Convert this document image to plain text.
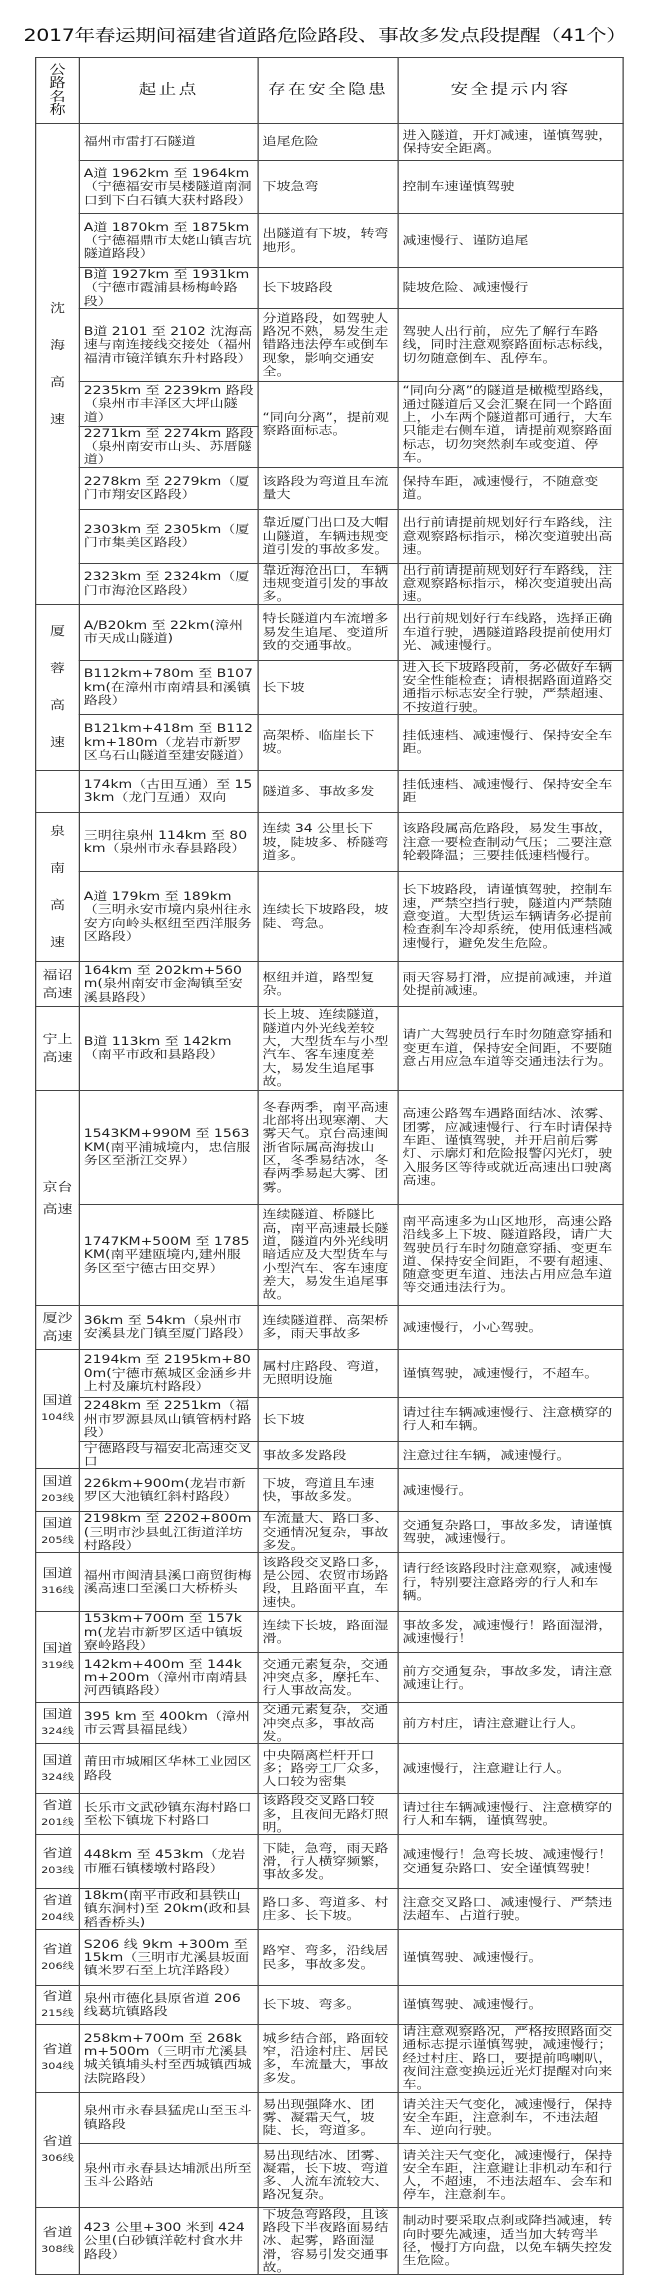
2017年春运期间福建省道路危险路段、事故多发点段提醒（41个）
公路名称	起止点	存在安全隐患	安全提示内容
沈海高速	福州市雷打石隧道	追尾危险	进入隧道，开灯减速，谨慎驾驶，保持安全距离。
	A道 1962km 至 1964km（宁德福安市吴楼隧道南洞口到下白石镇大获村路段）	下坡急弯	控制车速谨慎驾驶
	A道 1870km 至 1875km（宁德福鼎市太姥山镇吉坑隧道路段）	出隧道有下坡，转弯地形。	减速慢行、谨防追尾
	B道 1927km 至 1931km（宁德市霞浦县杨梅岭路段）	长下坡路段	陡坡危险、减速慢行
	B道 2101 至 2102 沈海高速与南连接线交接处（福州福清市镜洋镇东升村路段）	分道路段，如驾驶人路况不熟，易发生走错路违法停车或倒车现象，影响交通安全。	驾驶人出行前，应先了解行车路线，同时注意观察路面标志标线，切勿随意倒车、乱停车。
	2235km 至 2239km 路段（泉州市丰泽区大坪山隧道）	“同向分离”，提前观察路面标志。	“同向分离”的隧道是橄榄型路线，通过隧道后又会汇聚在同一个路面上，小车两个隧道都可通行，大车只能走右侧车道，请提前观察路面标志，切勿突然刹车或变道、停车。
	2271km 至 2274km 路段（泉州南安市山头、苏厝隧道）		
	2278km 至 2279km（厦门市翔安区路段）	该路段为弯道且车流量大	保持车距，减速慢行，不随意变道。
	2303km 至 2305km（厦门市集美区路段）	靠近厦门出口及大帽山隧道，车辆违规变道引发的事故多发。	出行前请提前规划好行车路线，注意观察路标指示，梯次变道驶出高速。
	2323km 至 2324km（厦门市海沧区路段）	靠近海沧出口，车辆违规变道引发的事故多。	出行前请提前规划好行车路线，注意观察路标指示，梯次变道驶出高速。
厦蓉高速	A/B20km 至 22km(漳州市天成山隧道)	特长隧道内车流增多易发生追尾、变道所致的交通事故。	出行前规划好行车线路，选择正确车道行驶，遇隧道路段提前使用灯光、减速慢行。
	B112km+780m 至 B107km(在漳州市南靖县和溪镇路段）	长下坡	进入长下坡路段前，务必做好车辆安全性能检查；请根据路面道路交通指示标志安全行驶，严禁超速、不按道行驶。
	B121km+418m 至 B112km+180m（龙岩市新罗区乌石山隧道至建安隧道）	高架桥、临崖长下坡。	挂低速档、减速慢行、保持安全车距。
	174km（古田互通）至 153km（龙门互通）双向	隧道多、事故多发	挂低速档、减速慢行、保持安全车距
泉南高速	三明往泉州 114km 至 80km（泉州市永春县路段）	连续 34 公里长下坡，陡坡多、桥隧弯道多。	该路段属高危路段，易发生事故，注意一要检查制动气压；二要注意轮毂降温；三要挂低速档慢行。
	A道 179km 至 189km（三明永安市境内泉州往永安方向岭头枢纽至西洋服务区路段）	连续长下坡路段，坡陡、弯急。	长下坡路段，请谨慎驾驶，控制车速，严禁空挡行驶，隧道内严禁随意变道。大型货运车辆请务必提前检查刹车冷却系统，使用低速档减速慢行，避免发生危险。
福诏高速	164km 至 202km+560m(泉州南安市金淘镇至安溪县路段）	枢纽并道，路型复杂。	雨天容易打滑，应提前减速，并道处提前减速。
宁上高速	B道 113km 至 142km（南平市政和县路段）	长上坡、连续隧道，隧道内外光线差较大，大型货车与小型汽车、客车速度差大，易发生追尾事故。	请广大驾驶员行车时勿随意穿插和变更车道，保持安全间距，不要随意占用应急车道等交通违法行为。
京台高速	1543KM+990M 至 1563KM(南平浦城境内，忠信服务区至浙江交界）	冬春两季，南平高速北部将出现寒潮、大雾天气。京台高速闽浙省际属高海拔山区，冬季易结冰，冬春两季易起大雾、团雾。	高速公路驾车遇路面结冰、浓雾、团雾，应减速慢行、行车时请保持车距、谨慎驾驶，并开启前后雾灯、示廓灯和危险报警闪光灯，驶入服务区等待或就近高速出口驶离高速。
	1747KM+500M 至 1785KM(南平建瓯境内,建州服务区至宁德古田交界）	连续隧道、桥隧比高，南平高速最长隧道，隧道内外光线明暗适应及大型货车与小型汽车、客车速度差大，易发生追尾事故。	南平高速多为山区地形，高速公路沿线多上下坡、隧道路段，请广大驾驶员行车时勿随意穿插、变更车道、保持安全间距，不要有超速、随意变更车道、违法占用应急车道等交通违法行为。
厦沙高速	36km 至 54km（泉州市安溪县龙门镇至厦门路段）	连续隧道群、高架桥多，雨天事故多	减速慢行，小心驾驶。
国道104线	2194km 至 2195km+800m(宁德市蕉城区金涵乡井上村及廉坑村路段）	属村庄路段、弯道，无照明设施	谨慎驾驶，减速慢行，不超车。
	2248km 至 2251km（福州市罗源县凤山镇管柄村路段）	长下坡	请过往车辆减速慢行、注意横穿的行人和车辆。
	宁德路段与福安北高速交叉口	事故多发路段	注意过往车辆，减速慢行。
国道203线	226km+900m(龙岩市新罗区大池镇红斜村路段）	下坡，弯道且车速快，事故多发。	减速慢行。
国道205线	2198km 至 2202+800m(三明市沙县虬江街道洋坊村路段）	车流量大、路口多、交通情况复杂，事故多发。	交通复杂路口，事故多发，请谨慎驾驶，减速慢行。
国道316线	福州市闽清县溪口商贸街梅溪高速口至溪口大桥桥头	该路段交叉路口多，是公园、农贸市场路段，且路面平直，车速快。	请行经该路段时注意观察，减速慢行，特别要注意路旁的行人和车辆。
国道319线	153km+700m 至 157km(龙岩市新罗区适中镇坂寮岭路段）	连续下长坡，路面湿滑。	事故多发，减速慢行！路面湿滑，减速慢行！
	142km+400m 至 144km+200m（漳州市南靖县河西镇路段）	交通元素复杂，交通冲突点多，摩托车、行人事故高发。	前方交通复杂，事故多发，请注意减速让行。
国道324线	395 km 至 400km（漳州市云霄县福昆线）	交通元素复杂，交通冲突点多，事故高发。	前方村庄，请注意避让行人。
国道324线	莆田市城厢区华林工业园区路段	中央隔离栏杆开口多；路旁工厂众多，人口较为密集	减速慢行，注意避让行人。
省道201线	长乐市文武砂镇东海村路口至松下镇垅下村路口	该路段交叉路口较多，且夜间无路灯照明。	请过往车辆减速慢行、注意横穿的行人和车辆，谨慎驾驶。
省道203线	448km 至 453km（龙岩市雁石镇楼墩村路段）	下陡，急弯，雨天路滑，行人横穿频繁，事故多发。	减速慢行！急弯长坡、减速慢行！交通复杂路口、安全谨慎驾驶！
省道204线	18km(南平市政和县铁山镇东涧村)至 20km(政和县稻香桥头)	路口多、弯道多、村庄多、长下坡。	注意交叉路口、减速慢行、严禁违法超车、占道行驶。
省道206线	S206 线 9km +300m 至 15km（三明市尤溪县坂面镇米罗石至上坑洋路段）	路窄、弯多，沿线居民多，事故多发。	谨慎驾驶、减速慢行。
省道215线	泉州市德化县原省道 206 线葛坑镇路段	长下坡、弯多。	谨慎驾驶、减速慢行。
省道304线	258km+700m 至 268km+500m（三明市尤溪县城关镇埔头村至西城镇西城法院路段）	城乡结合部，路面较窄，沿途村庄、居民多，车流量大，事故多发。	请注意观察路况，严格按照路面交通标志提示谨慎驾驶，减速慢行；经过村庄、路口，要提前鸣喇叭，夜间注意变换远近光灯提醒对向来车。
省道306线	泉州市永春县猛虎山至玉斗镇路段	易出现强降水、团雾、凝霜天气，坡陡、长，弯道多。	请关注天气变化，减速慢行，保持安全车距，注意刹车，不违法超车、逆向行驶。
	泉州市永春县达埔派出所至玉斗公路站	易出现结冰、团雾、凝霜，长下坡、弯道多、人流车流较大、路况复杂。	请关注天气变化，减速慢行，保持安全车距，注意避让非机动车和行人，不超速，不违法超车、会车和停车，注意刹车。
省道308线	423 公里+300 米到 424 公里(白砂镇洋乾村食水井路段）	下坡急弯路段，且该路段下半夜路面易结冰、起雾，路面湿滑，容易引发交通事故。	制动时要采取点刹或降挡减速，转向时要先减速，适当加大转弯半径，慢打方向盘，以免车辆失控发生危险。
